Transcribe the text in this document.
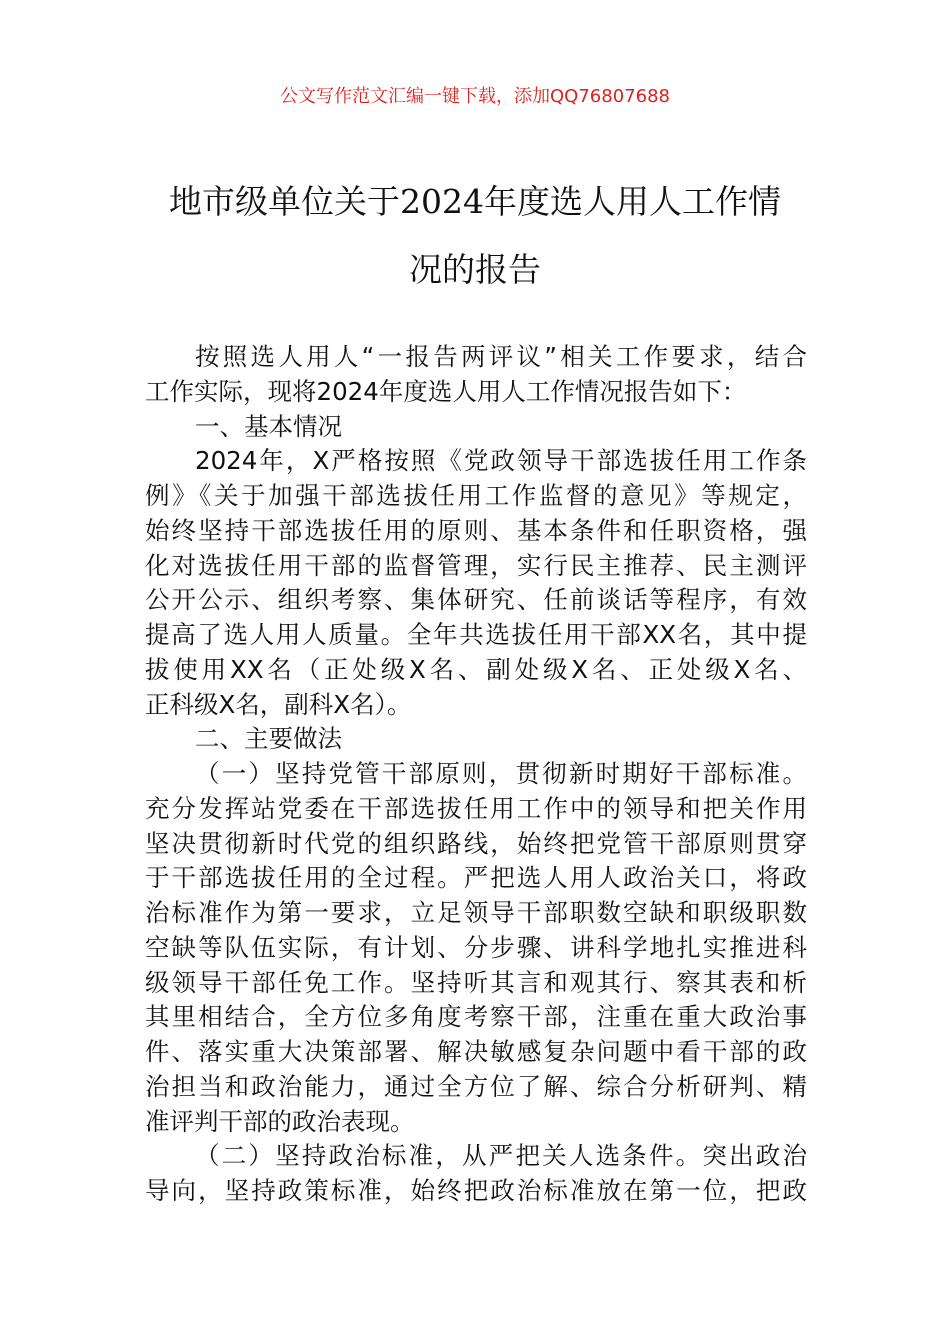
公文写作范文汇编一键下载，添加QQ76807688
地市级单位关于2024年度选人用人工作情
况的报告
按照选人用人“一报告两评议”相关工作要求，结合
工作实际，现将2024年度选人用人工作情况报告如下：
一、基本情况
2024年，X严格按照《党政领导干部选拔任用工作条
例》《关于加强干部选拔任用工作监督的意见》等规定，
始终坚持干部选拔任用的原则、基本条件和任职资格，强
化对选拔任用干部的监督管理，实行民主推荐、民主测评
公开公示、组织考察、集体研究、任前谈话等程序，有效
提高了选人用人质量。全年共选拔任用干部XX名，其中提
拔使用XX名（正处级X名、副处级X名、正处级X名、
正科级X名，副科X名）。
二、主要做法
（一）坚持党管干部原则，贯彻新时期好干部标准。
充分发挥站党委在干部选拔任用工作中的领导和把关作用
坚决贯彻新时代党的组织路线，始终把党管干部原则贯穿
于干部选拔任用的全过程。严把选人用人政治关口，将政
治标准作为第一要求，立足领导干部职数空缺和职级职数
空缺等队伍实际，有计划、分步骤、讲科学地扎实推进科
级领导干部任免工作。坚持听其言和观其行、察其表和析
其里相结合，全方位多角度考察干部，注重在重大政治事
件、落实重大决策部署、解决敏感复杂问题中看干部的政
治担当和政治能力，通过全方位了解、综合分析研判、精
准评判干部的政治表现。
（二）坚持政治标准，从严把关人选条件。突出政治
导向，坚持政策标准，始终把政治标准放在第一位，把政
